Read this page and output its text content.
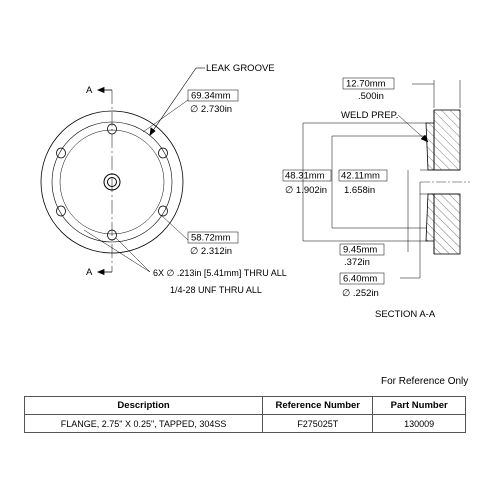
A
A
LEAK GROOVE
69.34mm
∅ 2.730in
58.72mm
∅ 2.312in
6X ∅ .213in [5.41mm] THRU ALL
1/4-28 UNF THRU ALL
12.70mm
.500in
WELD PREP.
48.31mm
∅ 1.902in
42.11mm
1.658in
9.45mm
.372in
6.40mm
∅ .252in
SECTION A-A
For Reference Only
Description	Reference Number	Part Number
FLANGE, 2.75" X 0.25", TAPPED, 304SS	F275025T	130009
